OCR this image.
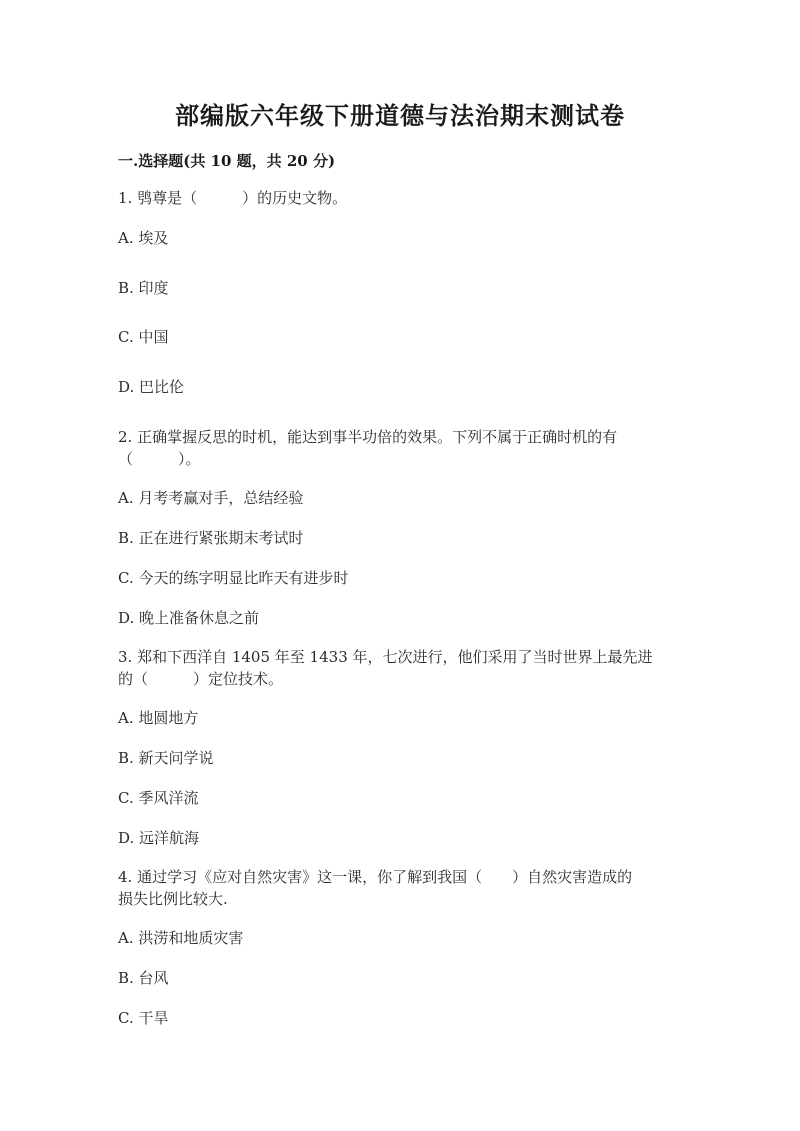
部编版六年级下册道德与法治期末测试卷
一.选择题(共 10 题，共 20 分)
1. 鸮尊是（　　　）的历史文物。
A. 埃及
B. 印度
C. 中国
D. 巴比伦
2. 正确掌握反思的时机，能达到事半功倍的效果。下列不属于正确时机的有
（　　　）。
A. 月考考赢对手，总结经验
B. 正在进行紧张期末考试时
C. 今天的练字明显比昨天有进步时
D. 晚上准备休息之前
3. 郑和下西洋自 1405 年至 1433 年，七次进行，他们采用了当时世界上最先进
的（　　　）定位技术。
A. 地圆地方
B. 新天问学说
C. 季风洋流
D. 远洋航海
4. 通过学习《应对自然灾害》这一课，你了解到我国（　　）自然灾害造成的
损失比例比较大.
A. 洪涝和地质灾害
B. 台风
C. 干旱
